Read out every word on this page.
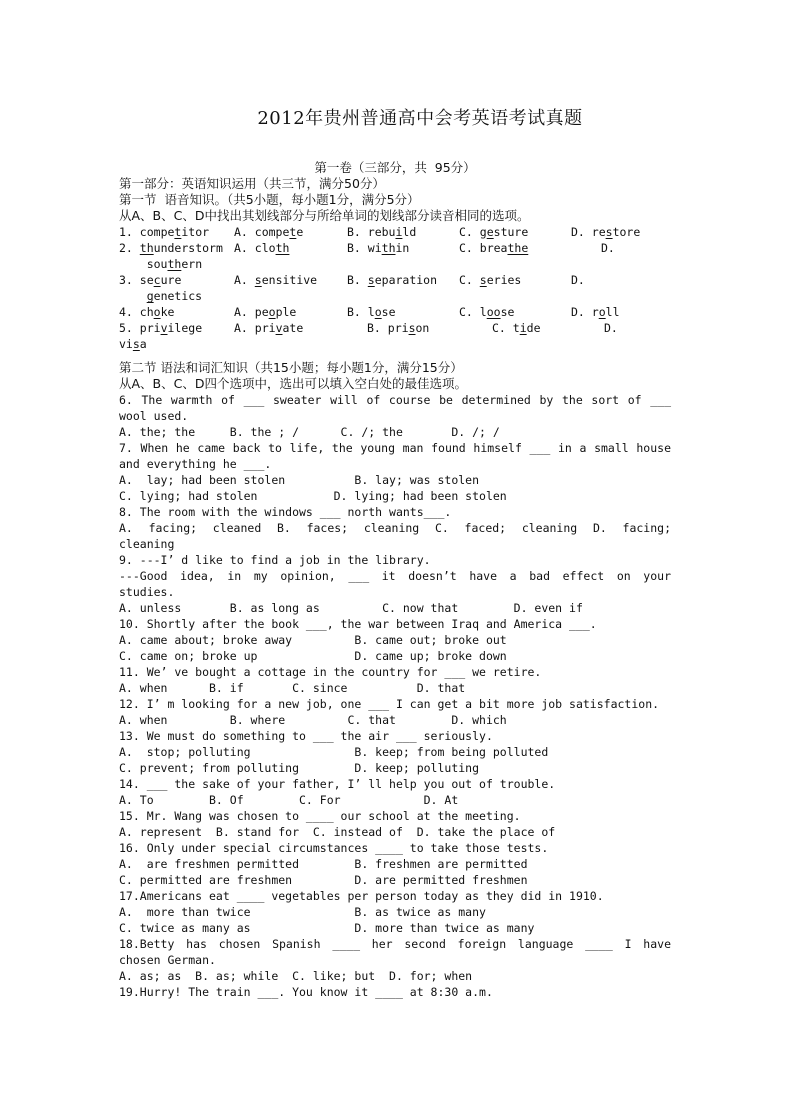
2012年贵州普通高中会考英语考试真题
第一卷（三部分，共  95分）
第一部分：英语知识运用（共三节，满分50分）
第一节  语音知识。（共5小题，每小题1分，满分5分）
从A、B、C、D中找出其划线部分与所给单词的划线部分读音相同的选项。
1. competitor	A. compete	B. rebuild	C. gesture	D. restore
2. thunderstorm A. cloth	B. within	C. breathe	D.
southern
3. secure	A. sensitive	B. separation	C. series	D.
genetics
4. choke	A. people	B. lose	C. loose	D. roll
5. privilege	A. private	B. prison	C. tide	D.
visa
第二节 语法和词汇知识（共15小题；每小题1分，满分15分）
从A、B、C、D四个选项中，选出可以填入空白处的最佳选项。
6. The warmth of ___ sweater will of course be determined by the sort of ___
wool used.
A. the; the     B. the ; /      C. /; the       D. /; /
7. When he came back to life, the young man found himself ___ in a small house
and everything he ___.
A.  lay; had been stolen          B. lay; was stolen
C. lying; had stolen           D. lying; had been stolen
8. The room with the windows ___ north wants___.
A. facing; cleaned B. faces; cleaning C. faced; cleaning D. facing;
cleaning
9. ---I’ d like to find a job in the library.
---Good idea, in my opinion, ___ it doesn’t have a bad effect on your
studies.
A. unless       B. as long as         C. now that        D. even if
10. Shortly after the book ___, the war between Iraq and America ___.
A. came about; broke away         B. came out; broke out
C. came on; broke up              D. came up; broke down
11. We’ ve bought a cottage in the country for ___ we retire.
A. when      B. if       C. since          D. that
12. I’ m looking for a new job, one ___ I can get a bit more job satisfaction.
A. when         B. where         C. that        D. which
13. We must do something to ___ the air ___ seriously.
A.  stop; polluting               B. keep; from being polluted
C. prevent; from polluting        D. keep; polluting
14. ___ the sake of your father, I’ ll help you out of trouble.
A. To        B. Of        C. For            D. At
15. Mr. Wang was chosen to ____ our school at the meeting.
A. represent  B. stand for  C. instead of  D. take the place of
16. Only under special circumstances ____ to take those tests.
A.  are freshmen permitted        B. freshmen are permitted
C. permitted are freshmen         D. are permitted freshmen
17.Americans eat ____ vegetables per person today as they did in 1910.
A.  more than twice               B. as twice as many
C. twice as many as               D. more than twice as many
18.Betty has chosen Spanish ____ her second foreign language ____ I have
chosen German.
A. as; as  B. as; while  C. like; but  D. for; when
19.Hurry! The train ___. You know it ____ at 8:30 a.m.
